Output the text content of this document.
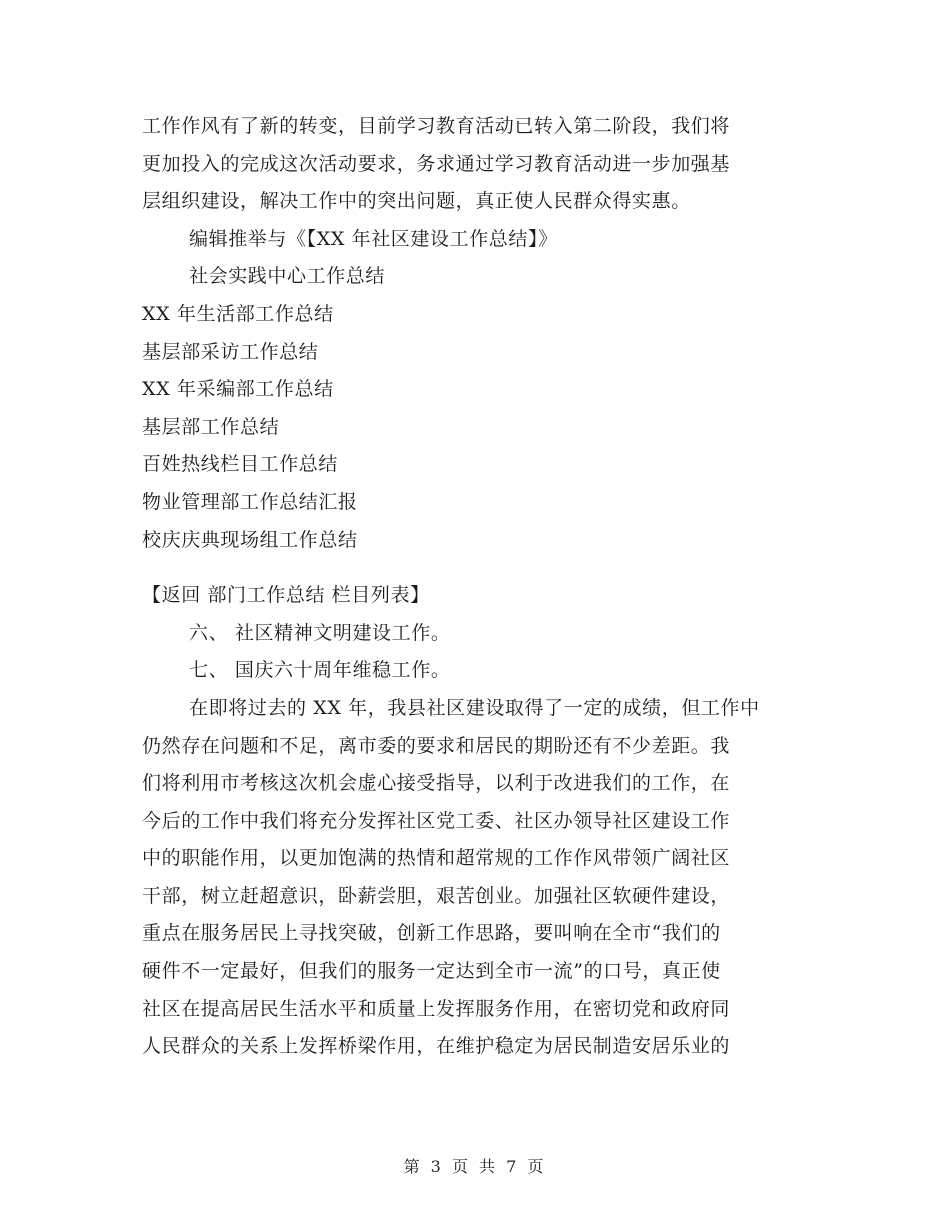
工作作风有了新的转变，目前学习教育活动已转入第二阶段，我们将
更加投入的完成这次活动要求，务求通过学习教育活动进一步加强基
层组织建设，解决工作中的突出问题，真正使人民群众得实惠。
编辑推举与《【XX 年社区建设工作总结】》
社会实践中心工作总结
XX 年生活部工作总结
基层部采访工作总结
XX 年采编部工作总结
基层部工作总结
百姓热线栏目工作总结
物业管理部工作总结汇报
校庆庆典现场组工作总结
【返回 部门工作总结 栏目列表】
六、 社区精神文明建设工作。
七、 国庆六十周年维稳工作。
在即将过去的 XX 年，我县社区建设取得了一定的成绩，但工作中
仍然存在问题和不足，离市委的要求和居民的期盼还有不少差距。我
们将利用市考核这次机会虚心接受指导，以利于改进我们的工作，在
今后的工作中我们将充分发挥社区党工委、社区办领导社区建设工作
中的职能作用，以更加饱满的热情和超常规的工作作风带领广阔社区
干部，树立赶超意识，卧薪尝胆，艰苦创业。加强社区软硬件建设，
重点在服务居民上寻找突破，创新工作思路，要叫响在全市“我们的
硬件不一定最好，但我们的服务一定达到全市一流”的口号，真正使
社区在提高居民生活水平和质量上发挥服务作用，在密切党和政府同
人民群众的关系上发挥桥梁作用，在维护稳定为居民制造安居乐业的
第 3 页 共 7 页
